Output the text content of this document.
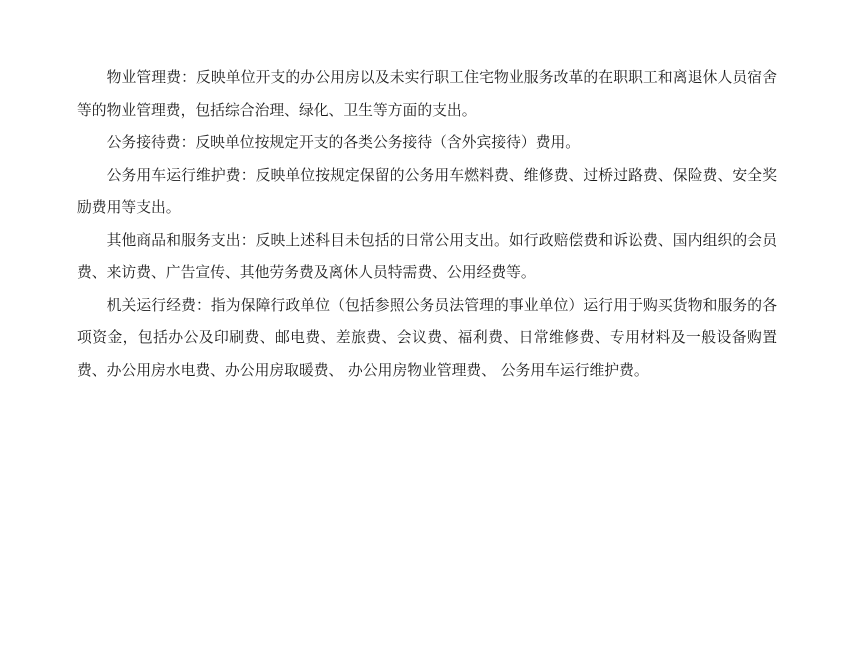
物业管理费：反映单位开支的办公用房以及未实行职工住宅物业服务改革的在职职工和离退休人员宿舍等的物业管理费，包括综合治理、绿化、卫生等方面的支出。

公务接待费：反映单位按规定开支的各类公务接待（含外宾接待）费用。

公务用车运行维护费：反映单位按规定保留的公务用车燃料费、维修费、过桥过路费、保险费、安全奖励费用等支出。

其他商品和服务支出：反映上述科目未包括的日常公用支出。如行政赔偿费和诉讼费、国内组织的会员费、来访费、广告宣传、其他劳务费及离休人员特需费、公用经费等。

机关运行经费：指为保障行政单位（包括参照公务员法管理的事业单位）运行用于购买货物和服务的各项资金，包括办公及印刷费、邮电费、差旅费、会议费、福利费、日常维修费、专用材料及一般设备购置费、办公用房水电费、办公用房取暖费、 办公用房物业管理费、 公务用车运行维护费。
